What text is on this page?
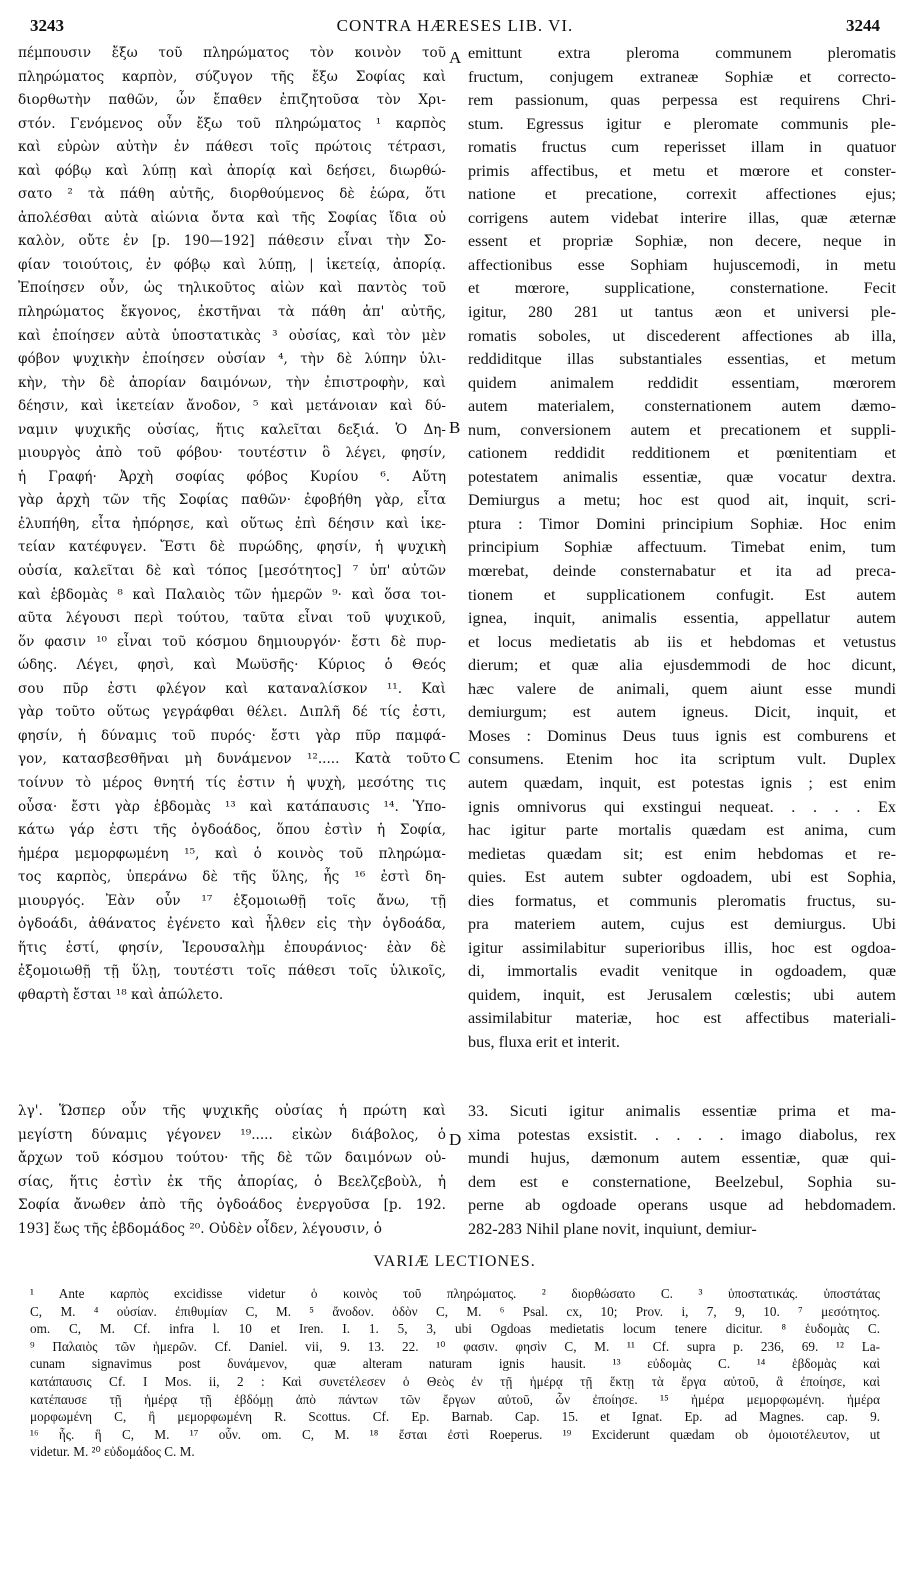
3243	CONTRA HÆRESES LIB. VI.	3244
A
B
C
D
πέμπουσιν ἔξω τοῦ πληρώματος τὸν κοινὸν τοῦ
πληρώματος καρπὸν, σύζυγον τῆς ἔξω Σοφίας καὶ
διορθωτὴν παθῶν, ὧν ἔπαθεν ἐπιζητοῦσα τὸν Χρι-
στόν. Γενόμενος οὖν ἔξω τοῦ πληρώματος ¹ καρπὸς
καὶ εὑρὼν αὐτὴν ἐν πάθεσι τοῖς πρώτοις τέτρασι,
καὶ φόβῳ καὶ λύπῃ καὶ ἀπορίᾳ καὶ δεήσει, διωρθώ-
σατο ² τὰ πάθη αὐτῆς, διορθούμενος δὲ ἑώρα, ὅτι
ἀπολέσθαι αὐτὰ αἰώνια ὄντα καὶ τῆς Σοφίας ἴδια οὐ
καλὸν, οὔτε ἐν [p. 190—192] πάθεσιν εἶναι τὴν Σο-
φίαν τοιούτοις, ἐν φόβῳ καὶ λύπῃ, | ἱκετείᾳ, ἀπορίᾳ.
Ἐποίησεν οὖν, ὡς τηλικοῦτος αἰὼν καὶ παντὸς τοῦ
πληρώματος ἔκγονος, ἐκστῆναι τὰ πάθη ἀπ' αὐτῆς,
καὶ ἐποίησεν αὐτὰ ὑποστατικὰς ³ οὐσίας, καὶ τὸν μὲν
φόβον ψυχικὴν ἐποίησεν οὐσίαν ⁴, τὴν δὲ λύπην ὑλι-
κὴν, τὴν δὲ ἀπορίαν δαιμόνων, τὴν ἐπιστροφὴν, καὶ
δέησιν, καὶ ἱκετείαν ἄνοδον, ⁵ καὶ μετάνοιαν καὶ δύ-
ναμιν ψυχικῆς οὐσίας, ἥτις καλεῖται δεξιά. Ὁ Δη-
μιουργὸς ἀπὸ τοῦ φόβου· τουτέστιν ὃ λέγει, φησίν,
ἡ Γραφή· Ἀρχὴ σοφίας φόβος Κυρίου ⁶. Αὕτη
γὰρ ἀρχὴ τῶν τῆς Σοφίας παθῶν· ἐφοβήθη γὰρ, εἶτα
ἐλυπήθη, εἶτα ἠπόρησε, καὶ οὕτως ἐπὶ δέησιν καὶ ἱκε-
τείαν κατέφυγεν. Ἔστι δὲ πυρώδης, φησίν, ἡ ψυχικὴ
οὐσία, καλεῖται δὲ καὶ τόπος [μεσότητος] ⁷ ὑπ' αὐτῶν
καὶ ἑβδομὰς ⁸ καὶ Παλαιὸς τῶν ἡμερῶν ⁹· καὶ ὅσα τοι-
αῦτα λέγουσι περὶ τούτου, ταῦτα εἶναι τοῦ ψυχικοῦ,
ὅν φασιν ¹⁰ εἶναι τοῦ κόσμου δημιουργόν· ἔστι δὲ πυρ-
ώδης. Λέγει, φησὶ, καὶ Μωϋσῆς· Κύριος ὁ Θεός
σου πῦρ ἐστι φλέγον καὶ καταναλίσκον ¹¹. Καὶ
γὰρ τοῦτο οὕτως γεγράφθαι θέλει. Διπλῆ δέ τίς ἐστι,
φησίν, ἡ δύναμις τοῦ πυρός· ἔστι γὰρ πῦρ παμφά-
γον, κατασβεσθῆναι μὴ δυνάμενον ¹²..... Κατὰ τοῦτο
τοίνυν τὸ μέρος θνητή τίς ἐστιν ἡ ψυχὴ, μεσότης τις
οὖσα· ἔστι γὰρ ἑβδομὰς ¹³ καὶ κατάπαυσις ¹⁴. Ὑπο-
κάτω γάρ ἐστι τῆς ὀγδοάδος, ὅπου ἐστὶν ἡ Σοφία,
ἡμέρα μεμορφωμένη ¹⁵, καὶ ὁ κοινὸς τοῦ πληρώμα-
τος καρπὸς, ὑπεράνω δὲ τῆς ὕλης, ἧς ¹⁶ ἐστὶ δη-
μιουργός. Ἐὰν οὖν ¹⁷ ἐξομοιωθῇ τοῖς ἄνω, τῇ
ὀγδοάδι, ἀθάνατος ἐγένετο καὶ ἦλθεν εἰς τὴν ὀγδοάδα,
ἥτις ἐστί, φησίν, Ἱερουσαλὴμ ἐπουράνιος· ἐὰν δὲ
ἐξομοιωθῇ τῇ ὕλῃ, τουτέστι τοῖς πάθεσι τοῖς ὑλικοῖς,
φθαρτὴ ἔσται ¹⁸ καὶ ἀπώλετο.
emittunt extra pleroma communem pleromatis
fructum, conjugem extraneæ Sophiæ et correcto-
rem passionum, quas perpessa est requirens Chri-
stum. Egressus igitur e pleromate communis ple-
romatis fructus cum reperisset illam in quatuor
primis affectibus, et metu et mœrore et conster-
natione et precatione, correxit affectiones ejus;
corrigens autem videbat interire illas, quæ æternæ
essent et propriæ Sophiæ, non decere, neque in
affectionibus esse Sophiam hujuscemodi, in metu
et mœrore, supplicatione, consternatione. Fecit
igitur, 280 281 ut tantus æon et universi ple-
romatis soboles, ut discederent affectiones ab illa,
reddiditque illas substantiales essentias, et metum
quidem animalem reddidit essentiam, mœrorem
autem materialem, consternationem autem dæmo-
num, conversionem autem et precationem et suppli-
cationem reddidit redditionem et pœnitentiam et
potestatem animalis essentiæ, quæ vocatur dextra.
Demiurgus a metu; hoc est quod ait, inquit, scri-
ptura : Timor Domini principium Sophiæ. Hoc enim
principium Sophiæ affectuum. Timebat enim, tum
mœrebat, deinde consternabatur et ita ad preca-
tionem et supplicationem confugit. Est autem
ignea, inquit, animalis essentia, appellatur autem
et locus medietatis ab iis et hebdomas et vetustus
dierum; et quæ alia ejusdemmodi de hoc dicunt,
hæc valere de animali, quem aiunt esse mundi
demiurgum; est autem igneus. Dicit, inquit, et
Moses : Dominus Deus tuus ignis est comburens et
consumens. Etenim hoc ita scriptum vult. Duplex
autem quædam, inquit, est potestas ignis ; est enim
ignis omnivorus qui exstingui nequeat. . . . . Ex
hac igitur parte mortalis quædam est anima, cum
medietas quædam sit; est enim hebdomas et re-
quies. Est autem subter ogdoadem, ubi est Sophia,
dies formatus, et communis pleromatis fructus, su-
pra materiem autem, cujus est demiurgus. Ubi
igitur assimilabitur superioribus illis, hoc est ogdoa-
di, immortalis evadit venitque in ogdoadem, quæ
quidem, inquit, est Jerusalem cœlestis; ubi autem
assimilabitur materiæ, hoc est affectibus materiali-
bus, fluxa erit et interit.
λγ'. Ὥσπερ οὖν τῆς ψυχικῆς οὐσίας ἡ πρώτη καὶ
μεγίστη δύναμις γέγονεν ¹⁹..... εἰκὼν διάβολος, ὁ
ἄρχων τοῦ κόσμου τούτου· τῆς δὲ τῶν δαιμόνων οὐ-
σίας, ἥτις ἐστὶν ἐκ τῆς ἀπορίας, ὁ Βεελζεβοὺλ, ἡ
Σοφία ἄνωθεν ἀπὸ τῆς ὀγδοάδος ἐνεργοῦσα [p. 192.
193] ἕως τῆς ἑβδομάδος ²⁰. Οὐδὲν οἶδεν, λέγουσιν, ὁ
33. Sicuti igitur animalis essentiæ prima et ma-
xima potestas exsistit. . . . . imago diabolus, rex
mundi hujus, dæmonum autem essentiæ, quæ qui-
dem est e consternatione, Beelzebul, Sophia su-
perne ab ogdoade operans usque ad hebdomadem.
282-283 Nihil plane novit, inquiunt, demiur-
VARIÆ LECTIONES.
¹ Ante καρπὸς excidisse videtur ὁ κοινὸς τοῦ πληρώματος. ² διορθώσατο C. ³ ὑποστατικάς. ὑποστάτας
C, M. ⁴ οὐσίαν. ἐπιθυμίαν C, M. ⁵ ἄνοδον. ὁδὸν C, M. ⁶ Psal. cx, 10; Prov. i, 7, 9, 10. ⁷ μεσότητος.
om. C, M. Cf. infra l. 10 et Iren. I. 1. 5, 3, ubi Ogdoas medietatis locum tenere dicitur. ⁸ ἑυδομὰς C.
⁹ Παλαιὸς τῶν ἡμερῶν. Cf. Daniel. vii, 9. 13. 22. ¹⁰ φασιν. φησὶν C, M. ¹¹ Cf. supra p. 236, 69. ¹² La-
cunam signavimus post δυνάμενον, quæ alteram naturam ignis hausit. ¹³ εὐδομὰς C. ¹⁴ ἑβδομὰς καὶ
κατάπαυσις Cf. I Mos. ii, 2 : Καὶ συνετέλεσεν ὁ Θεὸς ἐν τῇ ἡμέρᾳ τῇ ἕκτῃ τὰ ἔργα αὐτοῦ, ἃ ἐποίησε, καὶ
κατέπαυσε τῇ ἡμέρᾳ τῇ ἑβδόμῃ ἀπὸ πάντων τῶν ἔργων αὐτοῦ, ὧν ἐποίησε. ¹⁵ ἡμέρα μεμορφωμένη. ἡμέρα
μορφωμένη C, ἢ μεμορφωμένη R. Scottus. Cf. Ep. Barnab. Cap. 15. et Ignat. Ep. ad Magnes. cap. 9.
¹⁶ ἧς. ἣ C, M. ¹⁷ οὖν. om. C, M. ¹⁸ ἔσται ἐστὶ Roeperus. ¹⁹ Exciderunt quædam ob ὁμοιοτέλευτον, ut
videtur. M. ²⁰ εὐδομάδος C. M.
